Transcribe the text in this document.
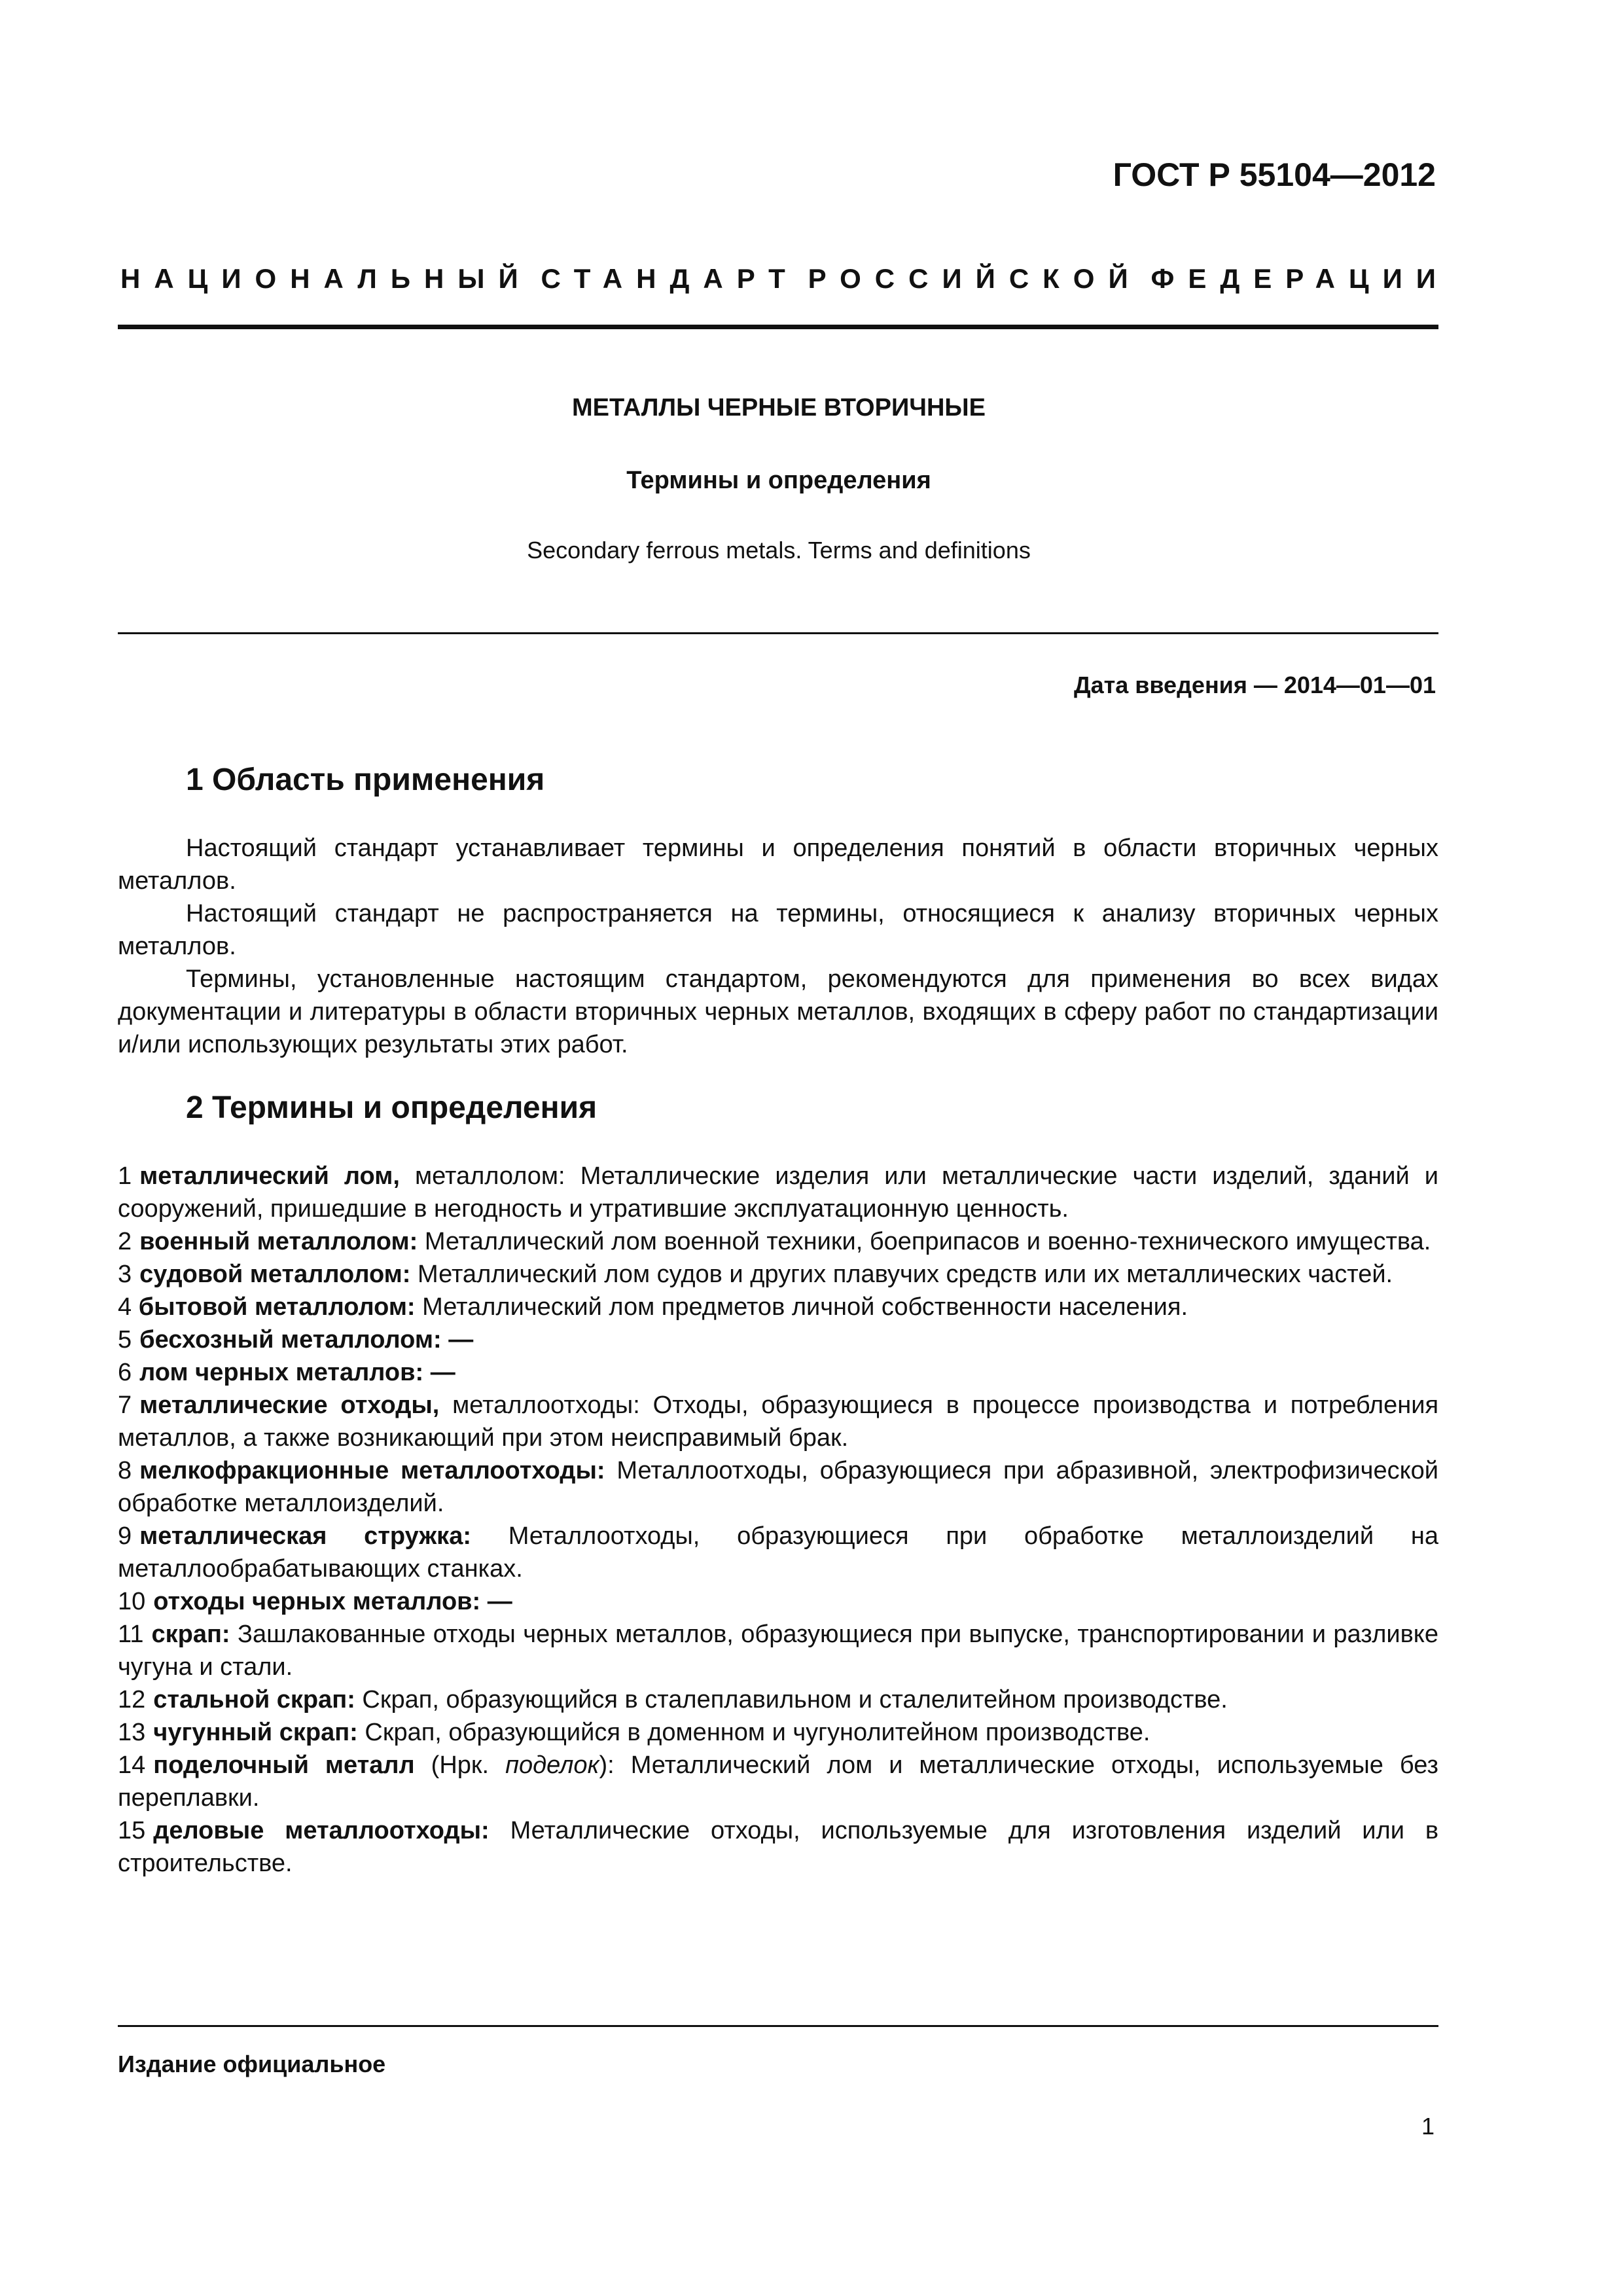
ГОСТ Р 55104—2012
НАЦИОНАЛЬНЫЙ СТАНДАРТ РОССИЙСКОЙ ФЕДЕРАЦИИ
МЕТАЛЛЫ ЧЕРНЫЕ ВТОРИЧНЫЕ
Термины и определения
Secondary ferrous metals. Terms and definitions
Дата введения — 2014—01—01
1 Область применения

Настоящий стандарт устанавливает термины и определения понятий в области вторичных черных металлов.

Настоящий стандарт не распространяется на термины, относящиеся к анализу вторичных черных металлов.

Термины, установленные настоящим стандартом, рекомендуются для применения во всех видах документации и литературы в области вторичных черных металлов, входящих в сферу работ по стандартизации и/или использующих результаты этих работ.

2 Термины и определения

1 металлический лом, металлолом: Металлические изделия или металлические части изделий, зданий и сооружений, пришедшие в негодность и утратившие эксплуатационную ценность.

2 военный металлолом: Металлический лом военной техники, боеприпасов и военно-технического имущества.

3 судовой металлолом: Металлический лом судов и других плавучих средств или их металлических частей.

4 бытовой металлолом: Металлический лом предметов личной собственности населения.

5 бесхозный металлолом: —

6 лом черных металлов: —

7 металлические отходы, металлоотходы: Отходы, образующиеся в процессе производства и потребления металлов, а также возникающий при этом неисправимый брак.

8 мелкофракционные металлоотходы: Металлоотходы, образующиеся при абразивной, электрофизической обработке металлоизделий.

9 металлическая стружка: Металлоотходы, образующиеся при обработке металлоизделий на металлообрабатывающих станках.

10 отходы черных металлов: —

11 скрап: Зашлакованные отходы черных металлов, образующиеся при выпуске, транспортировании и разливке чугуна и стали.

12 стальной скрап: Скрап, образующийся в сталеплавильном и сталелитейном производстве.

13 чугунный скрап: Скрап, образующийся в доменном и чугунолитейном производстве.

14 поделочный металл (Нрк. поделок): Металлический лом и металлические отходы, используемые без переплавки.

15 деловые металлоотходы: Металлические отходы, используемые для изготовления изделий или в строительстве.

Издание официальное
1
